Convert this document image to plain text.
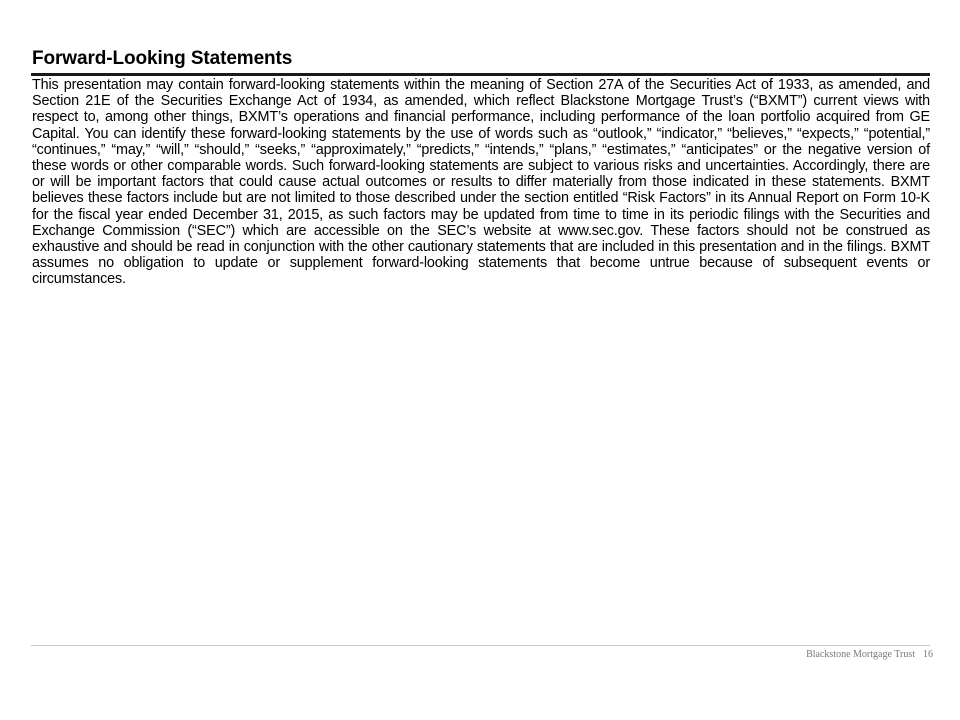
Forward-Looking Statements
This presentation may contain forward-looking statements within the meaning of Section 27A of the Securities Act of 1933, as amended, and Section 21E of the Securities Exchange Act of 1934, as amended, which reflect Blackstone Mortgage Trust’s (“BXMT”) current views with respect to, among other things, BXMT’s operations and financial performance, including performance of the loan portfolio acquired from GE Capital. You can identify these forward-looking statements by the use of words such as “outlook,” “indicator,” “believes,” “expects,” “potential,” “continues,” “may,” “will,” “should,” “seeks,” “approximately,” “predicts,” “intends,” “plans,” “estimates,” “anticipates” or the negative version of these words or other comparable words. Such forward-looking statements are subject to various risks and uncertainties. Accordingly, there are or will be important factors that could cause actual outcomes or results to differ materially from those indicated in these statements. BXMT believes these factors include but are not limited to those described under the section entitled “Risk Factors” in its Annual Report on Form 10-K for the fiscal year ended December 31, 2015, as such factors may be updated from time to time in its periodic filings with the Securities and Exchange Commission (“SEC”) which are accessible on the SEC’s website at www.sec.gov. These factors should not be construed as exhaustive and should be read in conjunction with the other cautionary statements that are included in this presentation and in the filings. BXMT assumes no obligation to update or supplement forward-looking statements that become untrue because of subsequent events or circumstances.
Blackstone Mortgage Trust 16
